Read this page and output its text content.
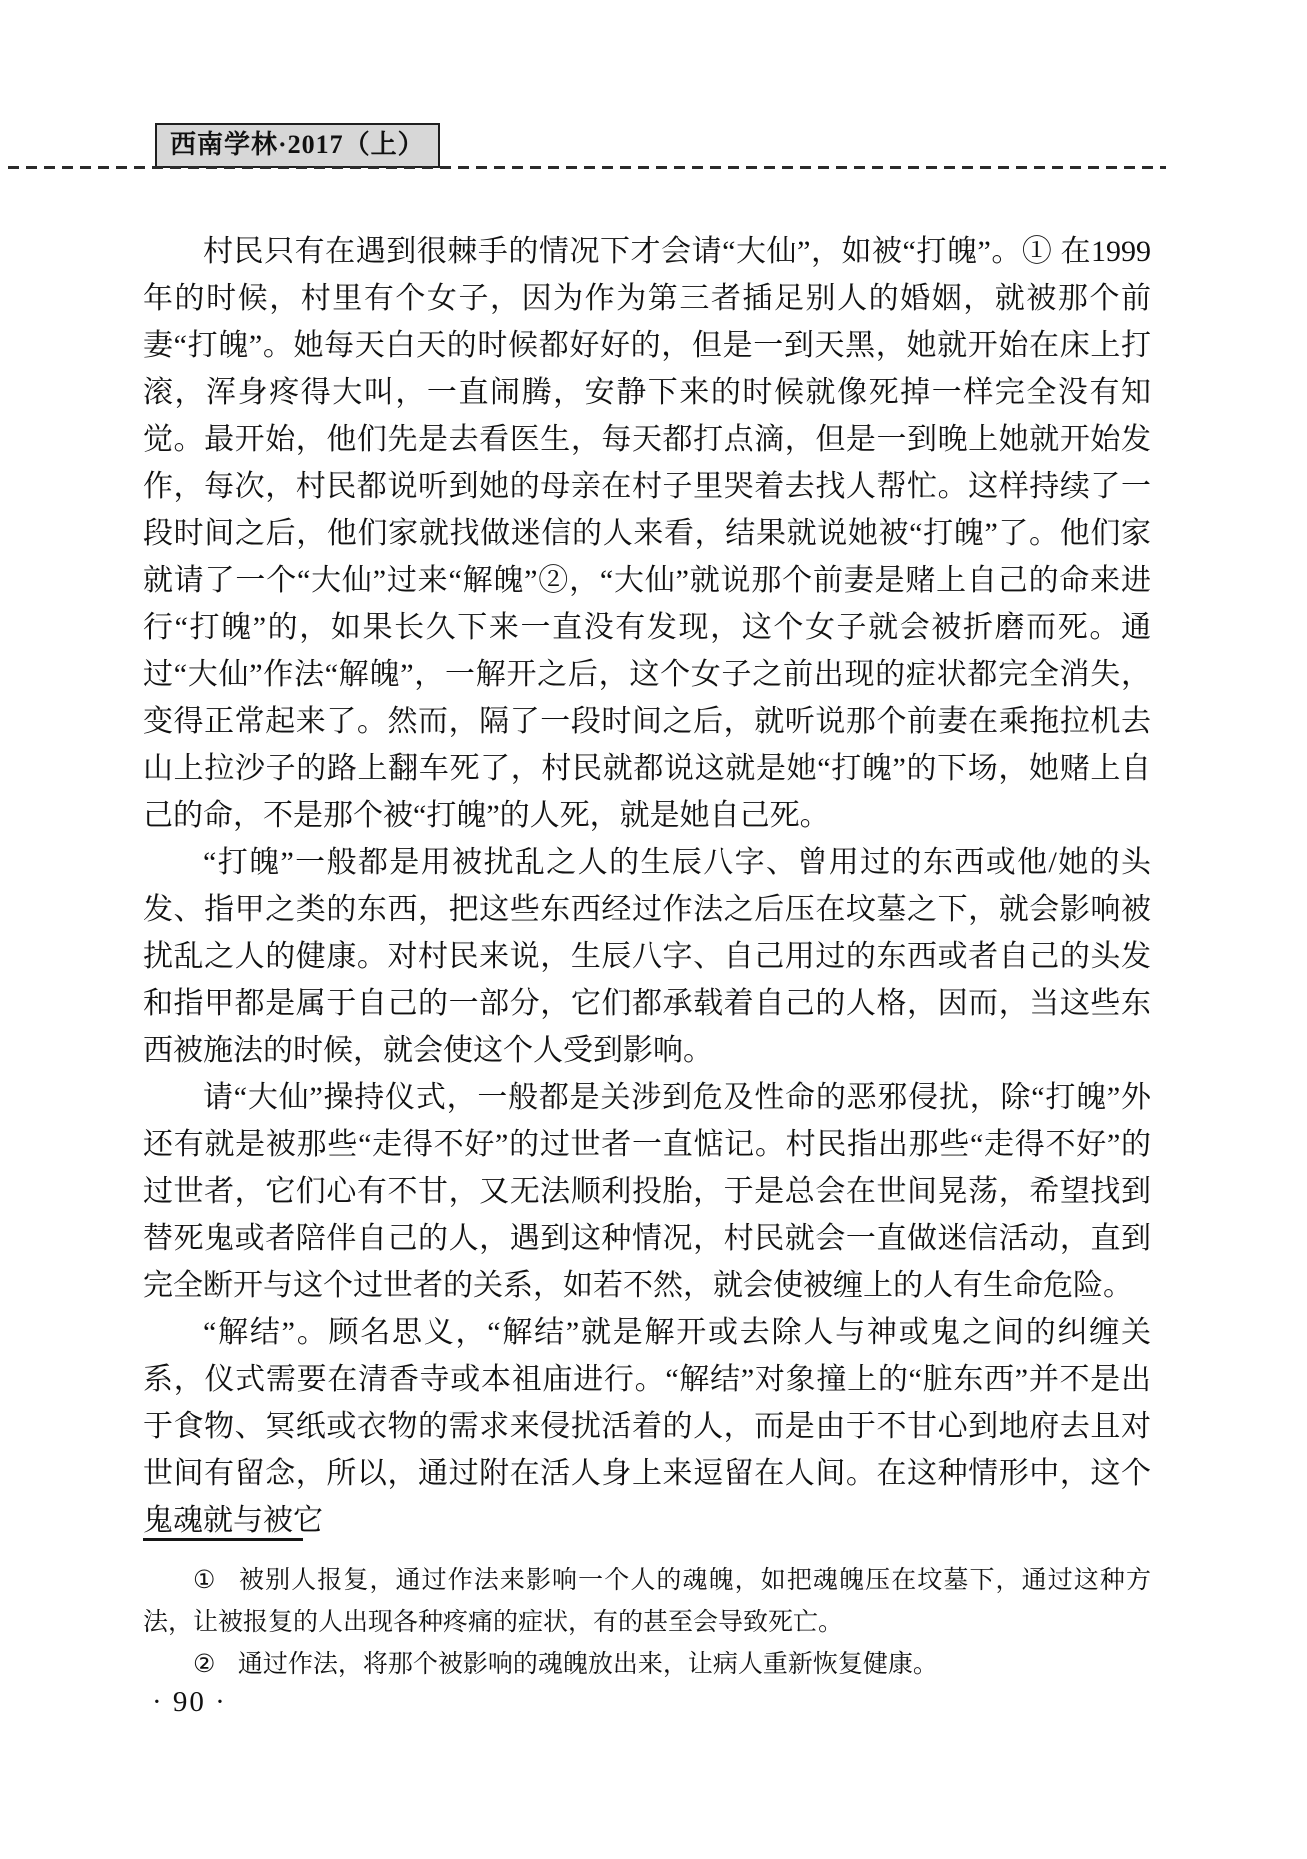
西南学林·2017（上）

村民只有在遇到很棘手的情况下才会请“大仙”，如被“打魄”。① 在1999年的时候，村里有个女子，因为作为第三者插足别人的婚姻，就被那个前妻“打魄”。她每天白天的时候都好好的，但是一到天黑，她就开始在床上打滚，浑身疼得大叫，一直闹腾，安静下来的时候就像死掉一样完全没有知觉。最开始，他们先是去看医生，每天都打点滴，但是一到晚上她就开始发作，每次，村民都说听到她的母亲在村子里哭着去找人帮忙。这样持续了一段时间之后，他们家就找做迷信的人来看，结果就说她被“打魄”了。他们家就请了一个“大仙”过来“解魄”②，“大仙”就说那个前妻是赌上自己的命来进行“打魄”的，如果长久下来一直没有发现，这个女子就会被折磨而死。通过“大仙”作法“解魄”，一解开之后，这个女子之前出现的症状都完全消失，变得正常起来了。然而，隔了一段时间之后，就听说那个前妻在乘拖拉机去山上拉沙子的路上翻车死了，村民就都说这就是她“打魄”的下场，她赌上自己的命，不是那个被“打魄”的人死，就是她自己死。

“打魄”一般都是用被扰乱之人的生辰八字、曾用过的东西或他/她的头发、指甲之类的东西，把这些东西经过作法之后压在坟墓之下，就会影响被扰乱之人的健康。对村民来说，生辰八字、自己用过的东西或者自己的头发和指甲都是属于自己的一部分，它们都承载着自己的人格，因而，当这些东西被施法的时候，就会使这个人受到影响。

请“大仙”操持仪式，一般都是关涉到危及性命的恶邪侵扰，除“打魄”外还有就是被那些“走得不好”的过世者一直惦记。村民指出那些“走得不好”的过世者，它们心有不甘，又无法顺利投胎，于是总会在世间晃荡，希望找到替死鬼或者陪伴自己的人，遇到这种情况，村民就会一直做迷信活动，直到完全断开与这个过世者的关系，如若不然，就会使被缠上的人有生命危险。

“解结”。顾名思义，“解结”就是解开或去除人与神或鬼之间的纠缠关系，仪式需要在清香寺或本祖庙进行。“解结”对象撞上的“脏东西”并不是出于食物、冥纸或衣物的需求来侵扰活着的人，而是由于不甘心到地府去且对世间有留念，所以，通过附在活人身上来逗留在人间。在这种情形中，这个鬼魂就与被它

① 被别人报复，通过作法来影响一个人的魂魄，如把魂魄压在坟墓下，通过这种方法，让被报复的人出现各种疼痛的症状，有的甚至会导致死亡。

② 通过作法，将那个被影响的魂魄放出来，让病人重新恢复健康。

· 90 ·
